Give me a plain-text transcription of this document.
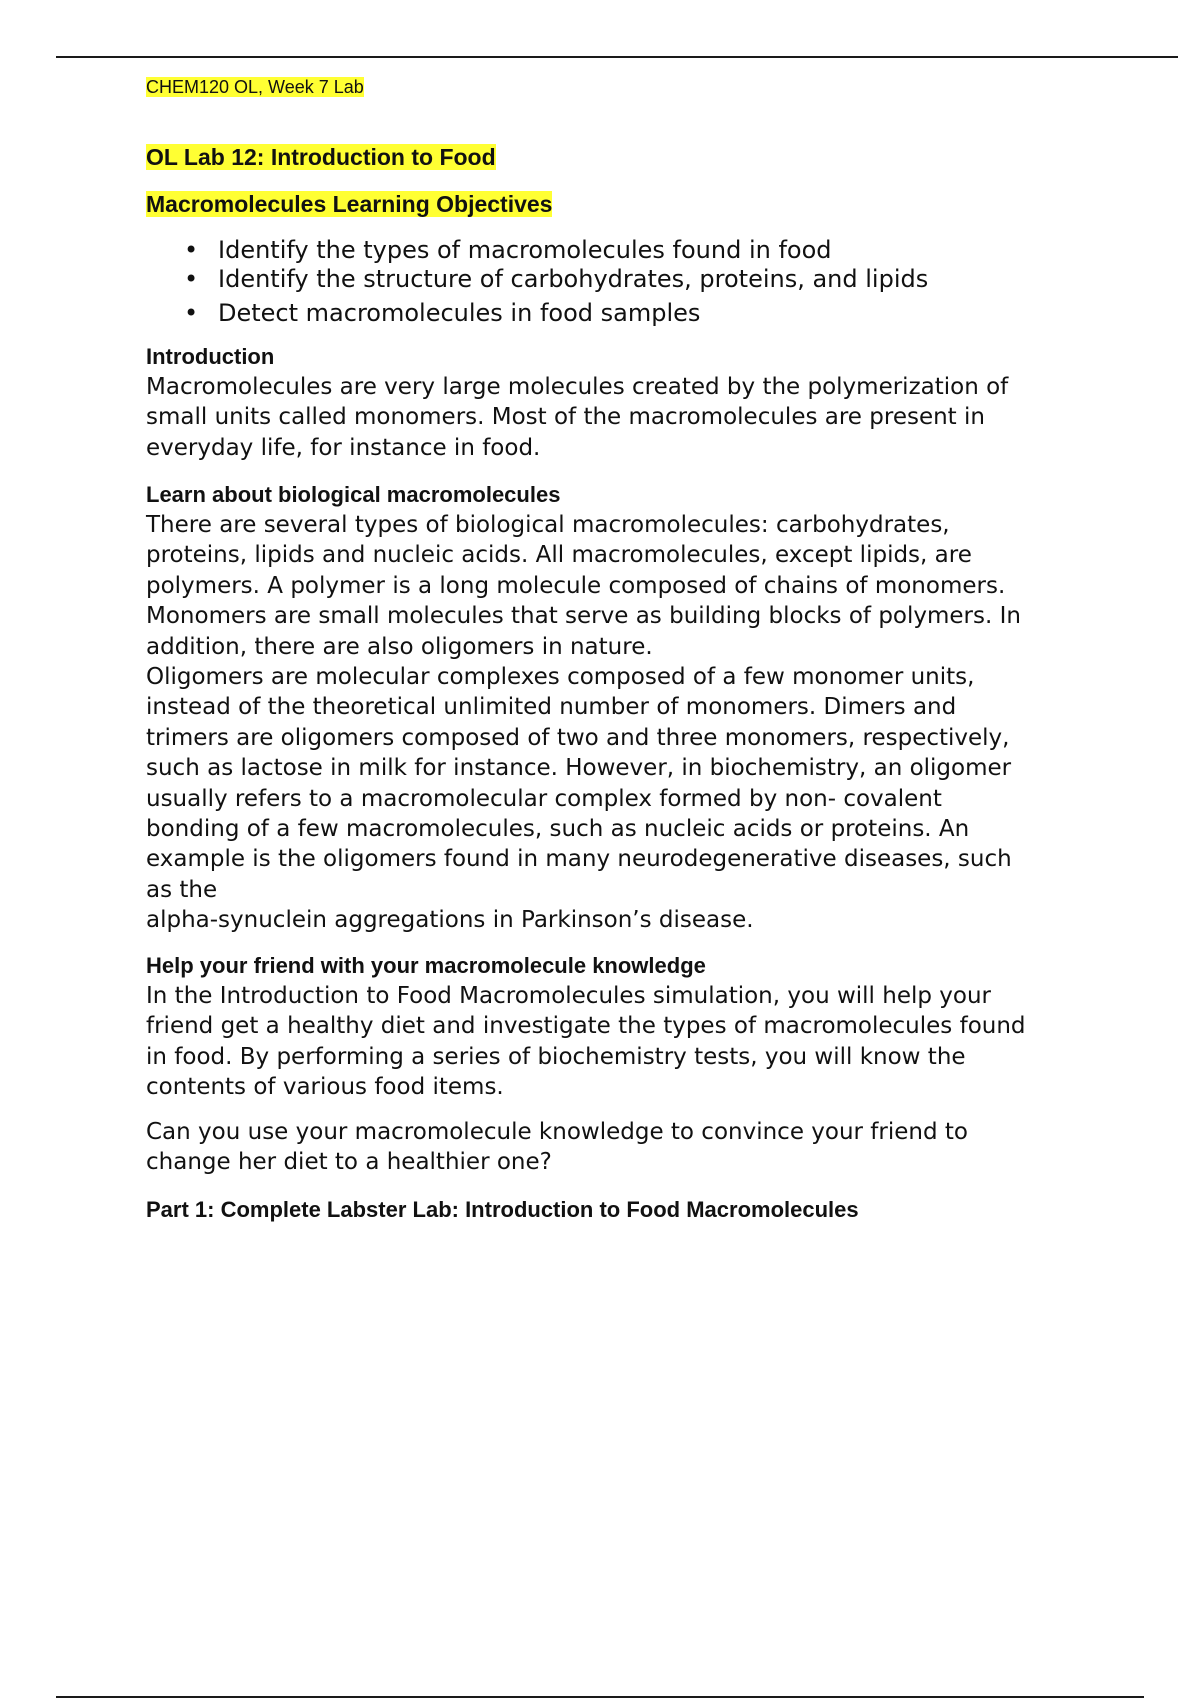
CHEM120 OL, Week 7 Lab
OL Lab 12: Introduction to Food
Macromolecules Learning Objectives
• Identify the types of macromolecules found in food
• Identify the structure of carbohydrates, proteins, and lipids
• Detect macromolecules in food samples

Introduction

Macromolecules are very large molecules created by the polymerization of
small units called monomers. Most of the macromolecules are present in
everyday life, for instance in food.

Learn about biological macromolecules

There are several types of biological macromolecules: carbohydrates,
proteins, lipids and nucleic acids. All macromolecules, except lipids, are
polymers. A polymer is a long molecule composed of chains of monomers.
Monomers are small molecules that serve as building blocks of polymers. In
addition, there are also oligomers in nature.
Oligomers are molecular complexes composed of a few monomer units,
instead of the theoretical unlimited number of monomers. Dimers and
trimers are oligomers composed of two and three monomers, respectively,
such as lactose in milk for instance. However, in biochemistry, an oligomer
usually refers to a macromolecular complex formed by non- covalent
bonding of a few macromolecules, such as nucleic acids or proteins. An
example is the oligomers found in many neurodegenerative diseases, such
as the
alpha-synuclein aggregations in Parkinson’s disease.

Help your friend with your macromolecule knowledge

In the Introduction to Food Macromolecules simulation, you will help your
friend get a healthy diet and investigate the types of macromolecules found
in food. By performing a series of biochemistry tests, you will know the
contents of various food items.

Can you use your macromolecule knowledge to convince your friend to
change her diet to a healthier one?

Part 1: Complete Labster Lab: Introduction to Food Macromolecules
